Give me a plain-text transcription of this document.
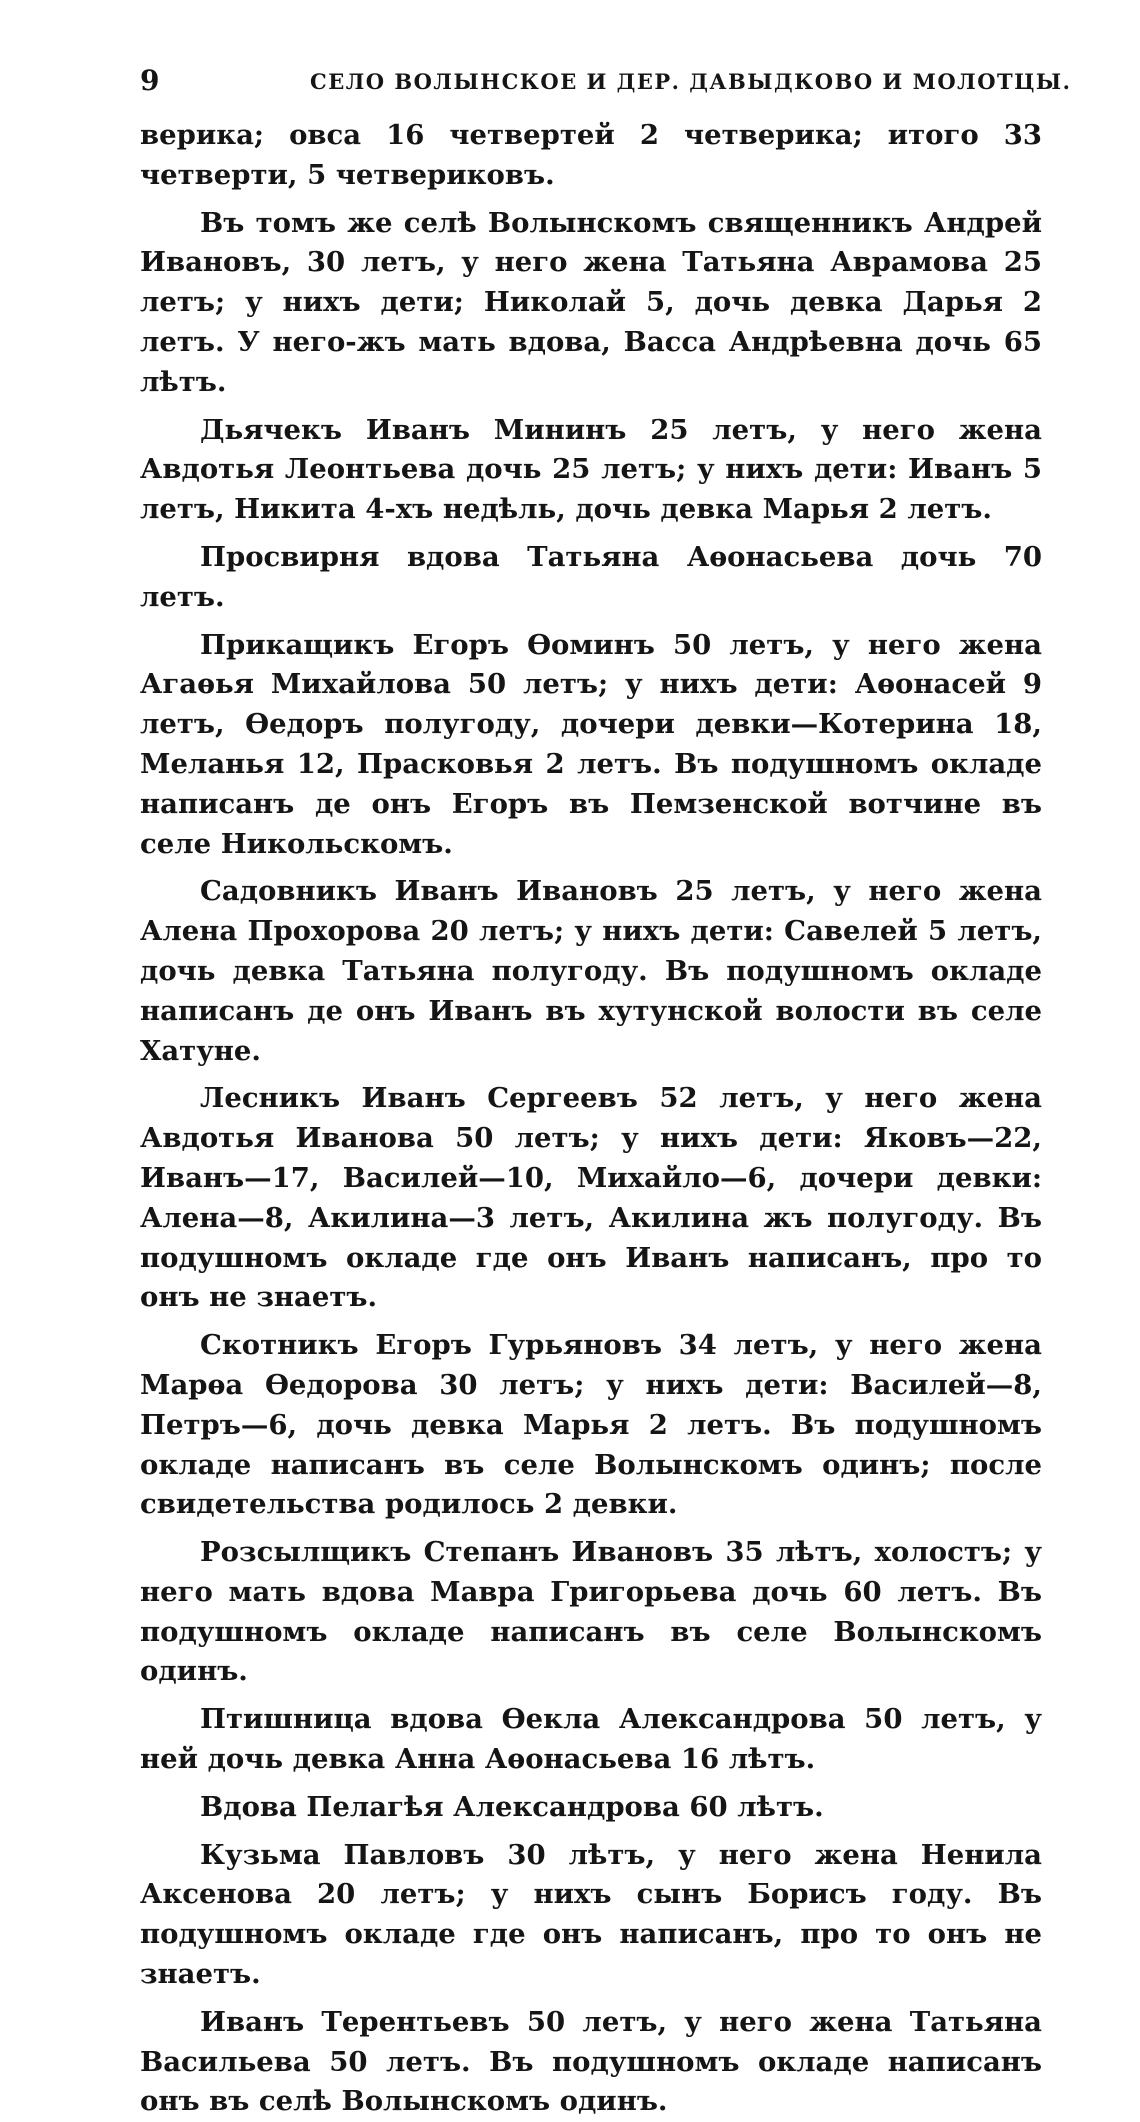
9	СЕЛО ВОЛЫНСКОЕ И ДЕР. ДАВЫДКОВО И МОЛОТЦЫ.

верика; овса 16 четвертей 2 четверика; итого 33 четверти, 5 четвериковъ.

Въ томъ же селѣ Волынскомъ священникъ Андрей Ивановъ, 30 летъ, у него жена Татьяна Аврамова 25 летъ; у нихъ дети; Николай 5, дочь девка Дарья 2 летъ. У него-жъ мать вдова, Васса Андрѣевна дочь 65 лѣтъ.

Дьячекъ Иванъ Мининъ 25 летъ, у него жена Авдотья Леонтьева дочь 25 летъ; у нихъ дети: Иванъ 5 летъ, Никита 4-хъ недѣль, дочь девка Марья 2 летъ.

Просвирня вдова Татьяна Аѳонасьева дочь 70 летъ.

Прикащикъ Егоръ Ѳоминъ 50 летъ, у него жена Агаѳья Михайлова 50 летъ; у нихъ дети: Аѳонасей 9 летъ, Ѳедоръ полугоду, дочери девки—Котерина 18, Меланья 12, Прасковья 2 летъ. Въ подушномъ окладе написанъ де онъ Егоръ въ Пемзенской вотчине въ селе Никольскомъ.

Садовникъ Иванъ Ивановъ 25 летъ, у него жена Алена Прохорова 20 летъ; у нихъ дети: Савелей 5 летъ, дочь девка Татьяна полугоду. Въ подушномъ окладе написанъ де онъ Иванъ въ хутунской волости въ селе Хатуне.

Лесникъ Иванъ Сергеевъ 52 летъ, у него жена Авдотья Иванова 50 летъ; у нихъ дети: Яковъ—22, Иванъ—17, Василей—10, Михайло—6, дочери девки: Алена—8, Акилина—3 летъ, Акилина жъ полугоду. Въ подушномъ окладе где онъ Иванъ написанъ, про то онъ не знаетъ.

Скотникъ Егоръ Гурьяновъ 34 летъ, у него жена Марѳа Ѳедорова 30 летъ; у нихъ дети: Василей—8, Петръ—6, дочь девка Марья 2 летъ. Въ подушномъ окладе написанъ въ селе Волынскомъ одинъ; после свидетельства родилось 2 девки.

Розсылщикъ Степанъ Ивановъ 35 лѣтъ, холостъ; у него мать вдова Мавра Григорьева дочь 60 летъ. Въ подушномъ окладе написанъ въ селе Волынскомъ одинъ.

Птишница вдова Ѳекла Александрова 50 летъ, у ней дочь девка Анна Аѳонасьева 16 лѣтъ.

Вдова Пелагѣя Александрова 60 лѣтъ.

Кузьма Павловъ 30 лѣтъ, у него жена Ненила Аксенова 20 летъ; у нихъ сынъ Борисъ году. Въ подушномъ окладе где онъ написанъ, про то онъ не знаетъ.

Иванъ Терентьевъ 50 летъ, у него жена Татьяна Васильева 50 летъ. Въ подушномъ окладе написанъ онъ въ селѣ Волынскомъ одинъ.
